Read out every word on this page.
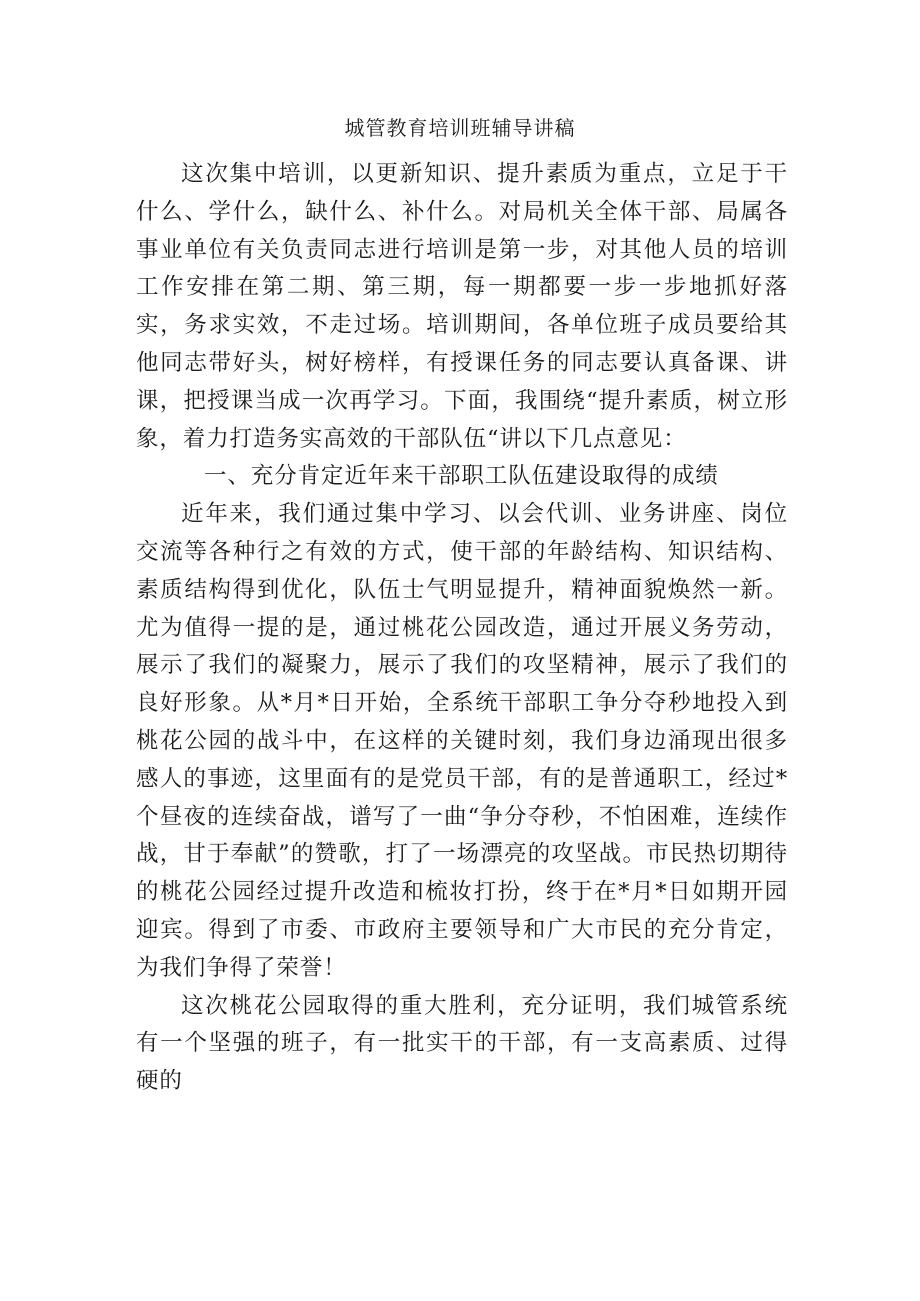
城管教育培训班辅导讲稿

这次集中培训，以更新知识、提升素质为重点，立足于干什么、学什么，缺什么、补什么。对局机关全体干部、局属各事业单位有关负责同志进行培训是第一步，对其他人员的培训工作安排在第二期、第三期，每一期都要一步一步地抓好落实，务求实效，不走过场。培训期间，各单位班子成员要给其他同志带好头，树好榜样，有授课任务的同志要认真备课、讲课，把授课当成一次再学习。下面，我围绕“提升素质，树立形象，着力打造务实高效的干部队伍“讲以下几点意见：

一、充分肯定近年来干部职工队伍建设取得的成绩

近年来，我们通过集中学习、以会代训、业务讲座、岗位交流等各种行之有效的方式，使干部的年龄结构、知识结构、素质结构得到优化，队伍士气明显提升，精神面貌焕然一新。尤为值得一提的是，通过桃花公园改造，通过开展义务劳动，展示了我们的凝聚力，展示了我们的攻坚精神，展示了我们的良好形象。从*月*日开始，全系统干部职工争分夺秒地投入到桃花公园的战斗中，在这样的关键时刻，我们身边涌现出很多感人的事迹，这里面有的是党员干部，有的是普通职工，经过*个昼夜的连续奋战，谱写了一曲“争分夺秒，不怕困难，连续作战，甘于奉献”的赞歌，打了一场漂亮的攻坚战。市民热切期待的桃花公园经过提升改造和梳妆打扮，终于在*月*日如期开园迎宾。得到了市委、市政府主要领导和广大市民的充分肯定，为我们争得了荣誉！

这次桃花公园取得的重大胜利，充分证明，我们城管系统有一个坚强的班子，有一批实干的干部，有一支高素质、过得硬的
